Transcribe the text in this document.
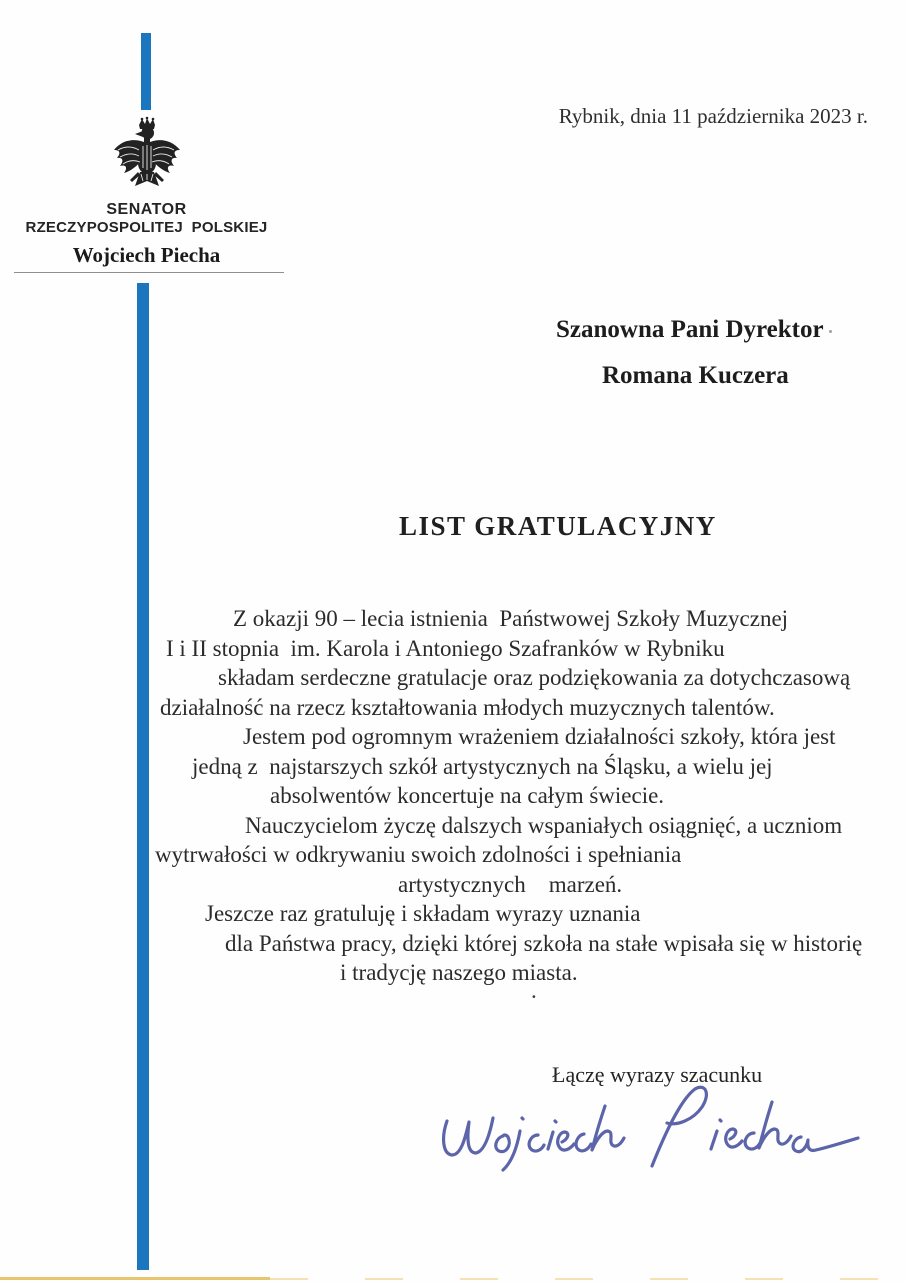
SENATOR
RZECZYPOSPOLITEJ  POLSKIEJ
Wojciech Piecha
Rybnik, dnia 11 października 2023 r.
Szanowna Pani Dyrektor
Romana Kuczera
LIST GRATULACYJNY
Z okazji 90 – lecia istnienia  Państwowej Szkoły Muzycznej
I i II stopnia  im. Karola i Antoniego Szafranków w Rybniku
składam serdeczne gratulacje oraz podziękowania za dotychczasową
działalność na rzecz kształtowania młodych muzycznych talentów.
Jestem pod ogromnym wrażeniem działalności szkoły, która jest
jedną z  najstarszych szkół artystycznych na Śląsku, a wielu jej
absolwentów koncertuje na całym świecie.
Nauczycielom życzę dalszych wspaniałych osiągnięć, a uczniom
wytrwałości w odkrywaniu swoich zdolności i spełniania
artystycznych    marzeń.
Jeszcze raz gratuluję i składam wyrazy uznania
dla Państwa pracy, dzięki której szkoła na stałe wpisała się w historię
i tradycję naszego miasta.
.
Łączę wyrazy szacunku
